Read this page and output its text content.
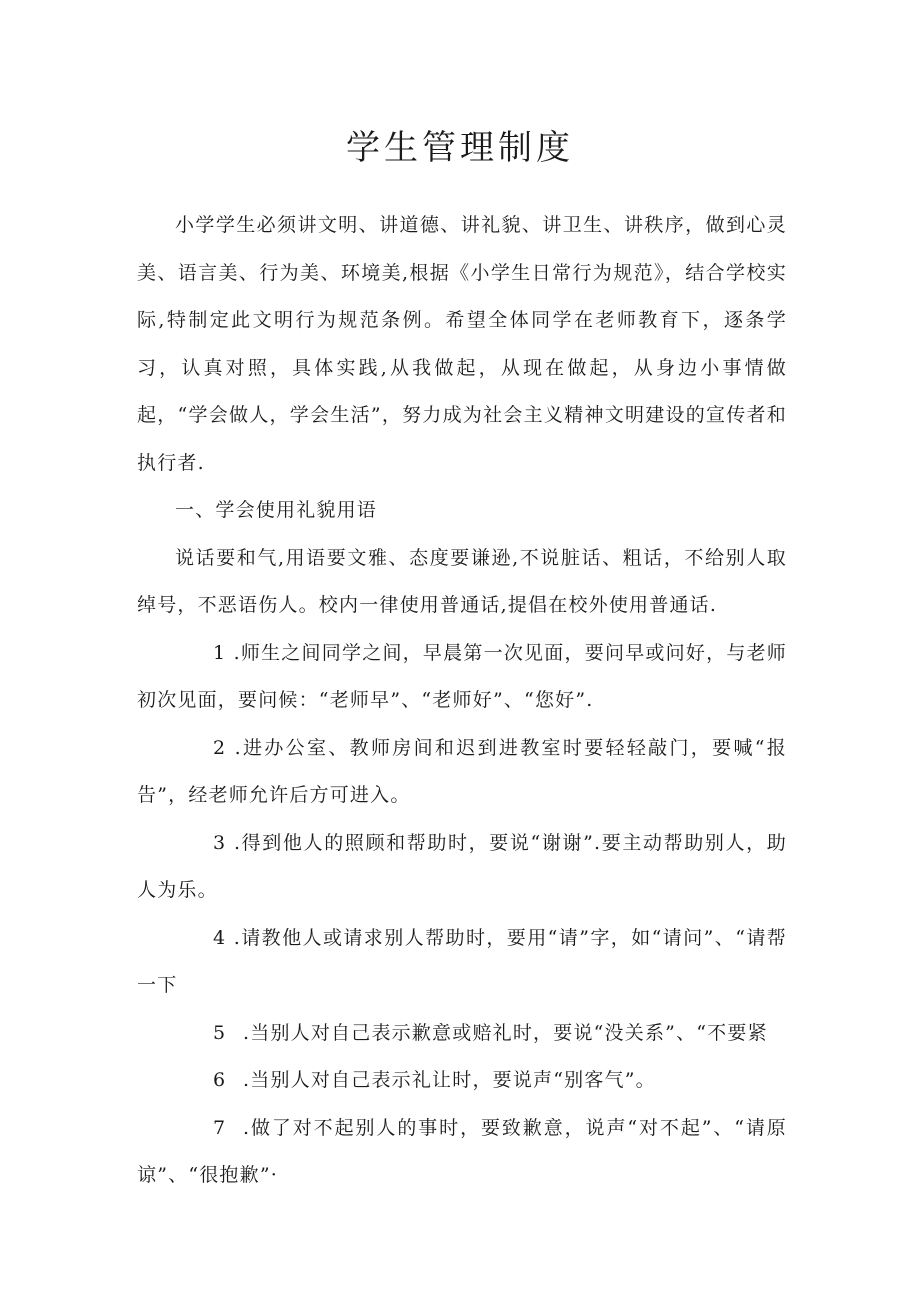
学生管理制度

小学学生必须讲文明、讲道德、讲礼貌、讲卫生、讲秩序，做到心灵美、语言美、行为美、环境美,根据《小学生日常行为规范》，结合学校实际,特制定此文明行为规范条例。希望全体同学在老师教育下，逐条学习，认真对照，具体实践,从我做起，从现在做起，从身边小事情做起，“学会做人，学会生活”，努力成为社会主义精神文明建设的宣传者和执行者.

一、学会使用礼貌用语

说话要和气,用语要文雅、态度要谦逊,不说脏话、粗话，不给别人取绰号，不恶语伤人。校内一律使用普通话,提倡在校外使用普通话.

1 .师生之间同学之间，早晨第一次见面，要问早或问好，与老师初次见面，要问候：“老师早”、“老师好”、“您好”.

2 .进办公室、教师房间和迟到进教室时要轻轻敲门，要喊“报告”，经老师允许后方可进入。

3 .得到他人的照顾和帮助时，要说“谢谢”.要主动帮助别人，助人为乐。

4 .请教他人或请求别人帮助时，要用“请”字，如“请问”、“请帮一下

5 .当别人对自己表示歉意或赔礼时，要说“没关系”、“不要紧

6 .当别人对自己表示礼让时，要说声“别客气”。

7 .做了对不起别人的事时，要致歉意，说声“对不起”、“请原谅”、“很抱歉”·
